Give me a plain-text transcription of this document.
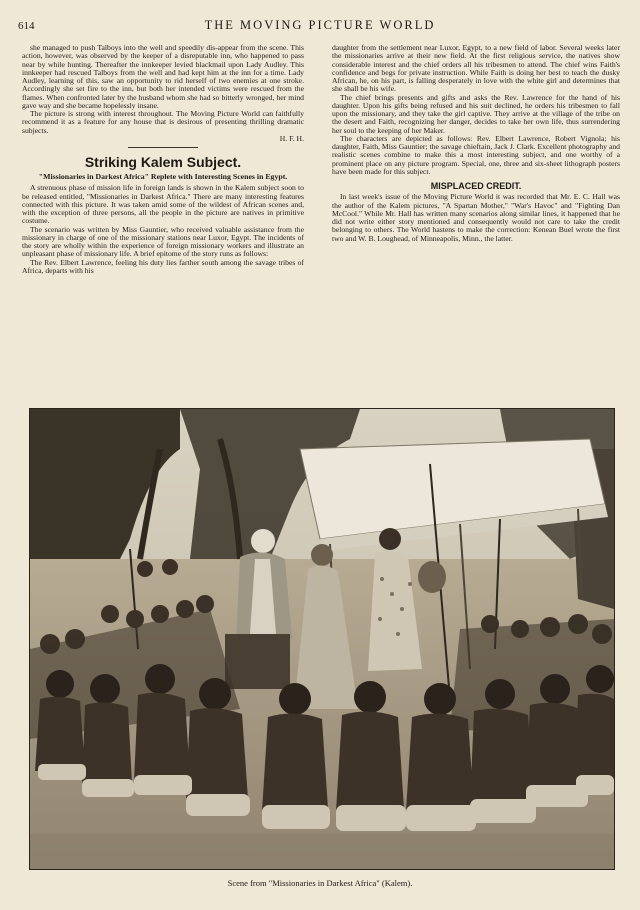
614	THE MOVING PICTURE WORLD

she managed to push Talboys into the well and speedily dis-appear from the scene. This action, however, was observed by the keeper of a disreputable inn, who happened to pass near by while hunting. Thereafter the innkeeper levied blackmail upon Lady Audley. This innkeeper had rescued Talboys from the well and had kept him at the inn for a time. Lady Audley, learning of this, saw an opportunity to rid herself of two enemies at one stroke. Accordingly she set fire to the inn, but both her intended victims were rescued from the flames. When confronted later by the husband whom she had so bitterly wronged, her mind gave way and she became hopelessly insane.

The picture is strong with interest throughout. The Moving Picture World can faithfully recommend it as a feature for any house that is desirous of presenting thrilling dramatic subjects.

H. F. H.

Striking Kalem Subject.
"Missionaries in Darkest Africa" Replete with Interesting Scenes in Egypt.

A strenuous phase of mission life in foreign lands is shown in the Kalem subject soon to be released entitled, "Missionaries in Darkest Africa." There are many interesting features connected with this picture. It was taken amid some of the wildest of African scenes and, with the exception of three persons, all the people in the picture are natives in primitive costume.

The scenario was written by Miss Gauntier, who received valuable assistance from the missionary in charge of one of the missionary stations near Luxor, Egypt. The incidents of the story are wholly within the experience of foreign missionary workers and illustrate an unpleasant phase of missionary life. A brief epitome of the story runs as follows:

The Rev. Elbert Lawrence, feeling his duty lies farther south among the savage tribes of Africa, departs with his

daughter from the settlement near Luxor, Egypt, to a new field of labor. Several weeks later the missionaries arrive at their new field. At the first religious service, the natives show considerable interest and the chief orders all his tribesmen to attend. The chief wins Faith's confidence and begs for private instruction. While Faith is doing her best to teach the dusky African, he, on his part, is falling desperately in love with the white girl and determines that she shall be his wife.

The chief brings presents and gifts and asks the Rev. Lawrence for the hand of his daughter. Upon his gifts being refused and his suit declined, he orders his tribesmen to fall upon the missionary, and they take the girl captive. They arrive at the village of the tribe on the desert and Faith, recognizing her danger, decides to take her own life, thus surrendering her soul to the keeping of her Maker.

The characters are depicted as follows: Rev. Elbert Lawrence, Robert Vignola; his daughter, Faith, Miss Gauntier; the savage chieftain, Jack J. Clark. Excellent photography and realistic scenes combine to make this a most interesting subject, and one worthy of a prominent place on any picture program. Special, one, three and six-sheet lithograph posters have been made for this subject.

MISPLACED CREDIT.

In last week's issue of the Moving Picture World it was recorded that Mr. E. C. Hall was the author of the Kalem pictures, "A Spartan Mother," "War's Havoc" and "Fighting Dan McCool." While Mr. Hall has written many scenarios along similar lines, it happened that he did not write either story mentioned and consequently would not care to take the credit belonging to others. The World hastens to make the correction: Kenean Buel wrote the first two and W. B. Loughead, of Minneapolis, Minn., the latter.

Scene from "Missionaries in Darkest Africa" (Kalem).
